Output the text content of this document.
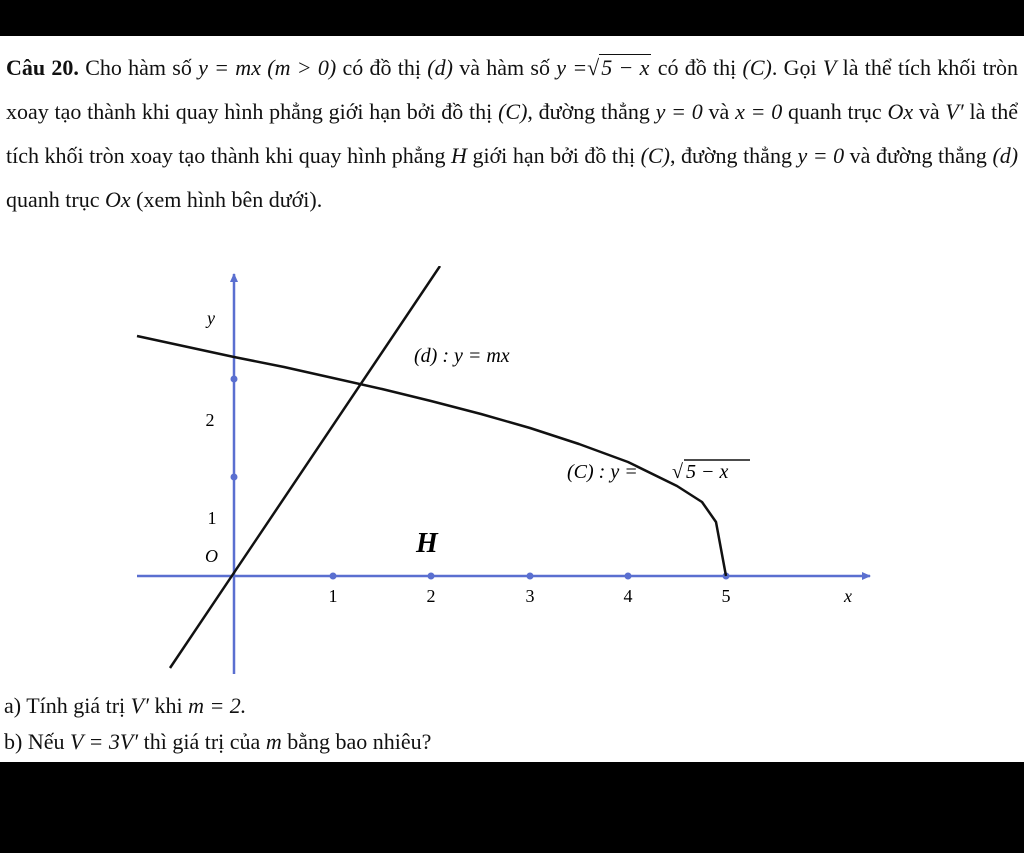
Câu 20. Cho hàm số y = mx (m > 0) có đồ thị (d) và hàm số y =√5 − x có đồ thị (C). Gọi V là thể tích khối tròn xoay tạo thành khi quay hình phẳng giới hạn bởi đồ thị (C), đường thẳng y = 0 và x = 0 quanh trục Ox và V′ là thể tích khối tròn xoay tạo thành khi quay hình phẳng H giới hạn bởi đồ thị (C), đường thẳng y = 0 và đường thẳng (d) quanh trục Ox (xem hình bên dưới).
1	2	3	4	5
1
2
x
y
O
(d) : y = mx
(C) : y = √ 5 − x
H
a) Tính giá trị V′ khi m = 2.
b) Nếu V = 3V′ thì giá trị của m bằng bao nhiêu?
